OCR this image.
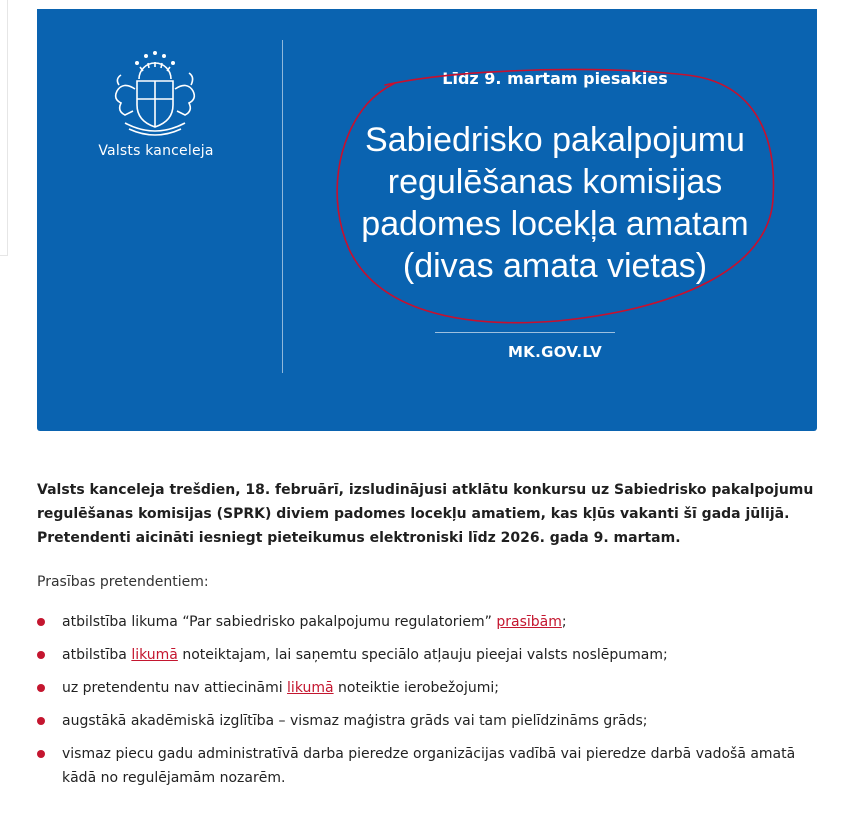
Valsts kanceleja
Līdz 9. martam piesakies
Sabiedrisko pakalpojumu regulēšanas komisijas padomes locekļa amatam (divas amata vietas)
MK.GOV.LV

Valsts kanceleja trešdien, 18. februārī, izsludinājusi atklātu konkursu uz Sabiedrisko pakalpojumu regulēšanas komisijas (SPRK) diviem padomes locekļu amatiem, kas kļūs vakanti šī gada jūlijā. Pretendenti aicināti iesniegt pieteikumus elektroniski līdz 2026. gada 9. martam.

Prasības pretendentiem:

atbilstība likuma “Par sabiedrisko pakalpojumu regulatoriem” prasībām;
atbilstība likumā noteiktajam, lai saņemtu speciālo atļauju pieejai valsts noslēpumam;
uz pretendentu nav attiecināmi likumā noteiktie ierobežojumi;
augstākā akadēmiskā izglītība – vismaz maģistra grāds vai tam pielīdzināms grāds;
vismaz piecu gadu administratīvā darba pieredze organizācijas vadībā vai pieredze darbā vadošā amatā kādā no regulējamām nozarēm.
